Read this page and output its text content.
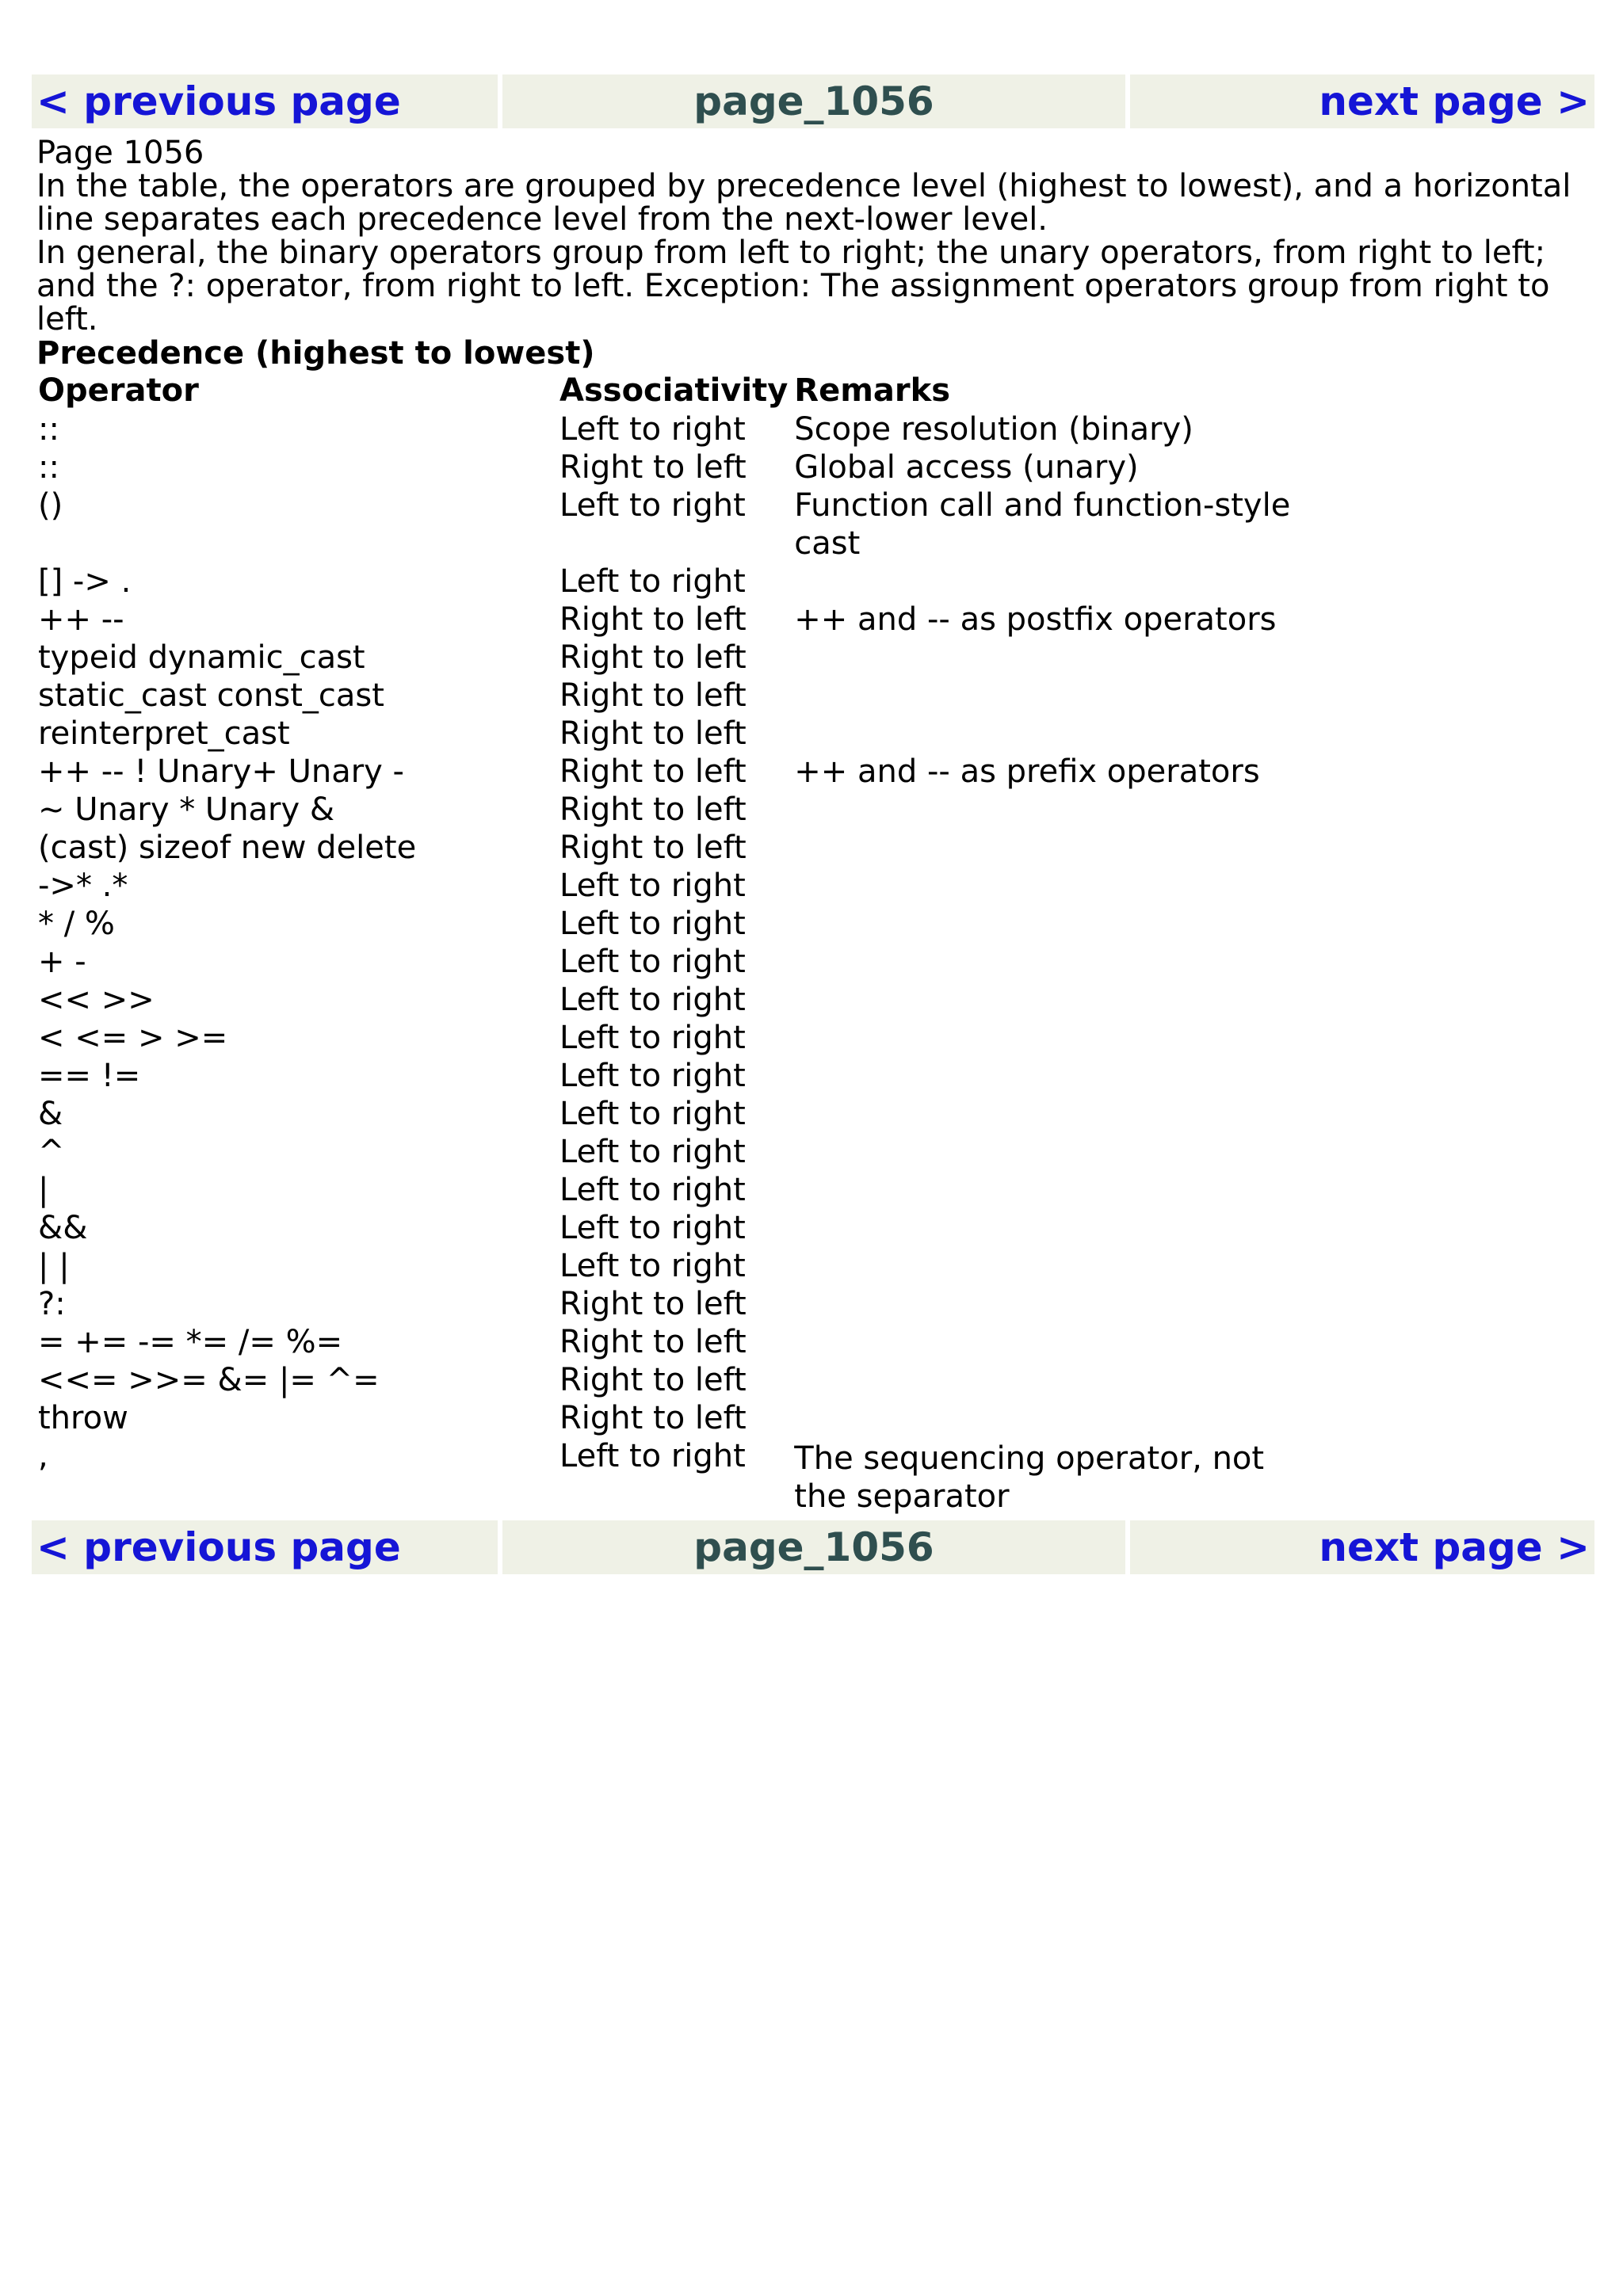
< previous page	page_1056	next page >

Page 1056

In the table, the operators are grouped by precedence level (highest to lowest), and a horizontal line separates each precedence level from the next-lower level.

In general, the binary operators group from left to right; the unary operators, from right to left; and the ?: operator, from right to left. Exception: The assignment operators group from right to left.

Precedence (highest to lowest)
Operator	Associativity	Remarks
::	Left to right	Scope resolution (binary)
::	Right to left	Global access (unary)
()	Left to right	Function call and function-style cast
[] -> .	Left to right	
++ --	Right to left	++ and -- as postfix operators
typeid dynamic_cast	Right to left	
static_cast const_cast	Right to left	
reinterpret_cast	Right to left	
++ -- ! Unary+ Unary -	Right to left	++ and -- as prefix operators
~ Unary * Unary &	Right to left	
(cast) sizeof new delete	Right to left	
->* .*	Left to right	
* / %	Left to right	
+ -	Left to right	
<< >>	Left to right	
< <= > >=	Left to right	
== !=	Left to right	
&	Left to right	
^	Left to right	
|	Left to right	
&&	Left to right	
| |	Left to right	
?:	Right to left	
= += -= *= /= %=	Right to left	
<<= >>= &= |= ^=	Right to left	
throw	Right to left	
,	Left to right	The sequencing operator, not the separator
< previous page	page_1056	next page >
